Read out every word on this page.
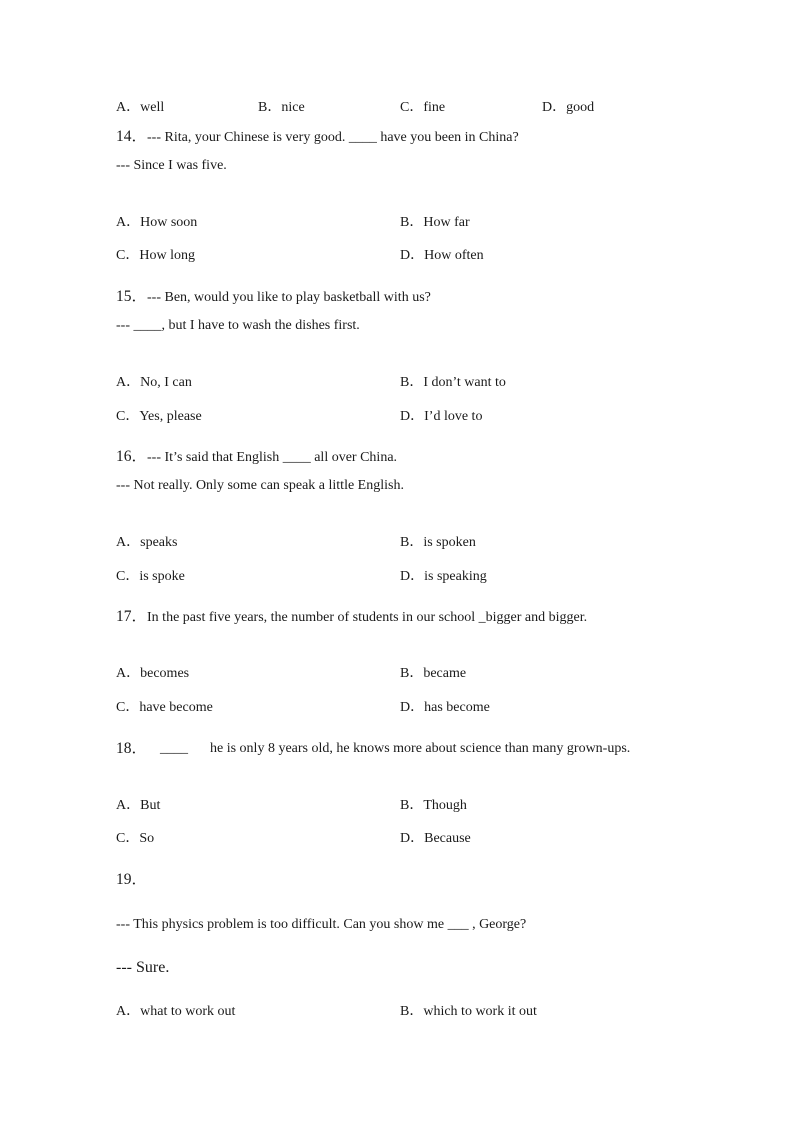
A．well	B．nice	C．fine	D．good
14．--- Rita, your Chinese is very good. ____ have you been in China?
--- Since I was five.
A．How soon	B．How far
C．How long	D．How often
15．--- Ben, would you like to play basketball with us?
--- ____, but I have to wash the dishes first.
A．No, I can	B．I don’t want to
C．Yes, please	D．I’d love to
16．--- It’s said that English ____ all over China.
--- Not really. Only some can speak a little English.
A．speaks	B．is spoken
C．is spoke	D．is speaking
17．In the past five years, the number of students in our school _bigger and bigger.
A．becomes	B．became
C．have become	D．has become
18． ____ he is only 8 years old, he knows more about science than many grown-ups.
A．But	B．Though
C．So	D．Because
19．
--- This physics problem is too difficult. Can you show me ___ , George?
--- Sure.
A．what to work out	B．which to work it out
